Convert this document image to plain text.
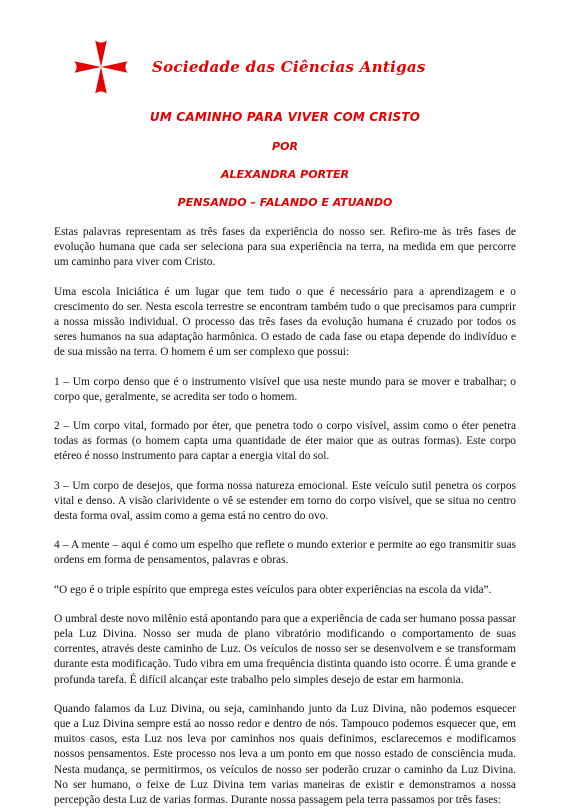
Sociedade das Ciências Antigas
UM CAMINHO PARA VIVER COM CRISTO
POR
ALEXANDRA PORTER
PENSANDO – FALANDO E ATUANDO

Estas palavras representam as três fases da experiência do nosso ser. Refiro-me às três fases de evolução humana que cada ser seleciona para sua experiência na terra, na medida em que percorre um caminho para viver com Cristo.

Uma escola Iniciática é um lugar que tem tudo o que é necessário para a aprendizagem e o crescimento do ser. Nesta escola terrestre se encontram também tudo o que precisamos para cumprir a nossa missão individual. O processo das três fases da evolução humana é cruzado por todos os seres humanos na sua adaptação harmônica. O estado de cada fase ou etapa depende do indivíduo e de sua missão na terra. O homem é um ser complexo que possui:

1 – Um corpo denso que é o instrumento visível que usa neste mundo para se mover e trabalhar; o corpo que, geralmente, se acredita ser todo o homem.

2 – Um corpo vital, formado por éter, que penetra todo o corpo visível, assim como o éter penetra todas as formas (o homem capta uma quantidade de éter maior que as outras formas). Este corpo etéreo é nosso instrumento para captar a energia vital do sol.

3 – Um corpo de desejos, que forma nossa natureza emocional. Este veículo sutil penetra os corpos vital e denso. A visão clarividente o vê se estender em torno do corpo visível, que se situa no centro desta forma oval, assim como a gema está no centro do ovo.

4 – A mente – aqui é como um espelho que reflete o mundo exterior e permite ao ego transmitir suas ordens em forma de pensamentos, palavras e obras.

“O ego é o triple espírito que emprega estes veículos para obter experiências na escola da vida”.

O umbral deste novo milênio está apontando para que a experiência de cada ser humano possa passar pela Luz Divina. Nosso ser muda de plano vibratório modificando o comportamento de suas correntes, através deste caminho de Luz. Os veículos de nosso ser se desenvolvem e se transformam durante esta modificação. Tudo vibra em uma frequência distinta quando isto ocorre. É uma grande e profunda tarefa. É difícil alcançar este trabalho pelo simples desejo de estar em harmonia.

Quando falamos da Luz Divina, ou seja, caminhando junto da Luz Divina, não podemos esquecer que a Luz Divina sempre está ao nosso redor e dentro de nós. Tampouco podemos esquecer que, em muitos casos, esta Luz nos leva por caminhos nos quais definimos, esclarecemos e modificamos nossos pensamentos. Este processo nos leva a um ponto em que nosso estado de consciência muda. Nesta mudança, se permitirmos, os veículos de nosso ser poderão cruzar o caminho da Luz Divina. No ser humano, o feixe de Luz Divina tem varias maneiras de existir e demonstramos a nossa percepção desta Luz de varias formas. Durante nossa passagem pela terra passamos por três fases:
